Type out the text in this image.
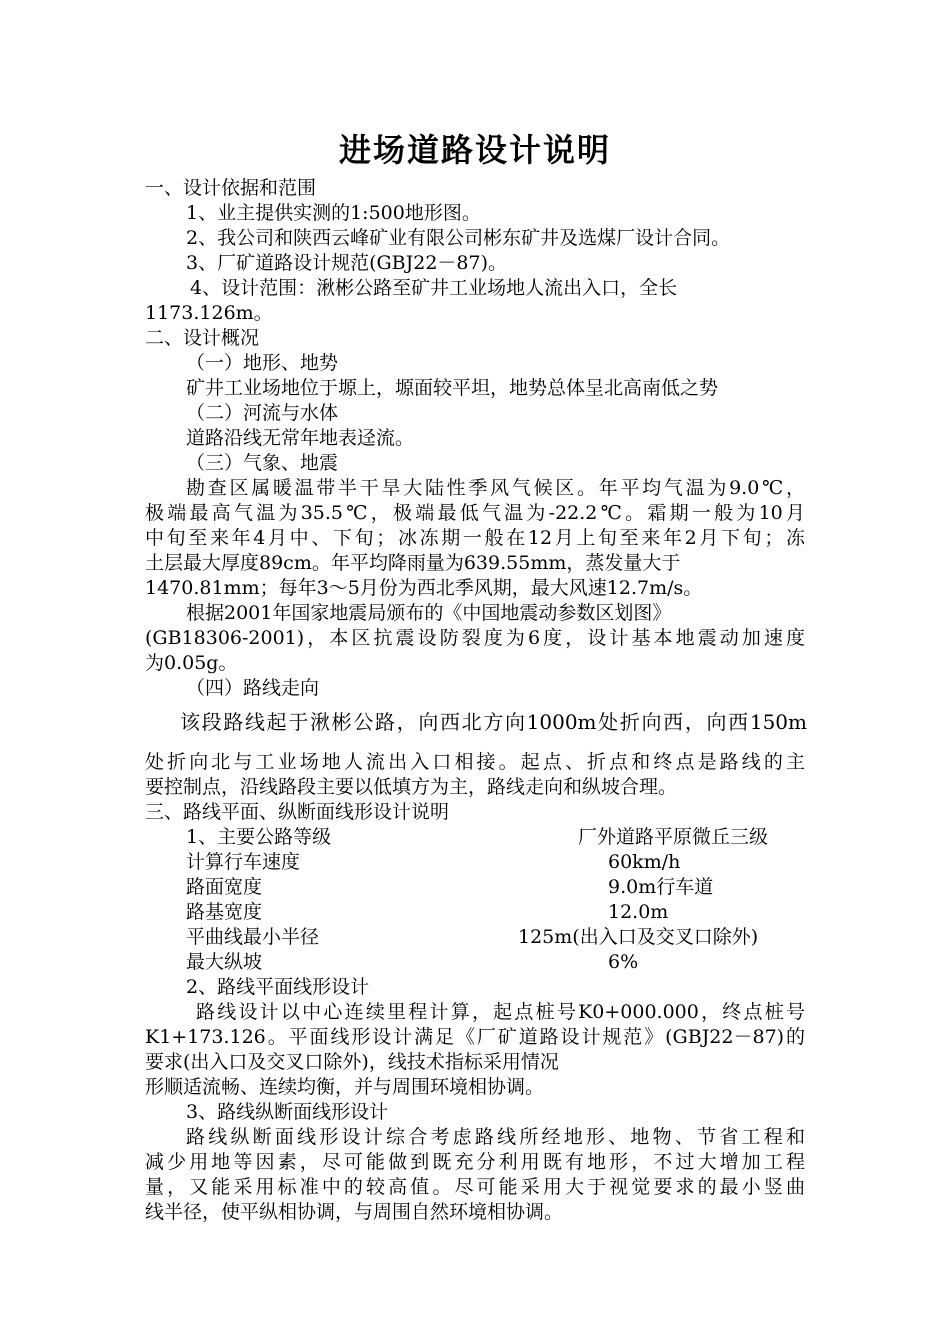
进场道路设计说明
一、设计依据和范围
1、业主提供实测的1:500地形图。
2、我公司和陕西云峰矿业有限公司彬东矿井及选煤厂设计合同。
3、厂矿道路设计规范(GBJ22－87)。
4、设计范围：湫彬公路至矿井工业场地人流出入口，全长
1173.126m。
二、设计概况
（一）地形、地势
矿井工业场地位于塬上，塬面较平坦，地势总体呈北高南低之势
（二）河流与水体
道路沿线无常年地表迳流。
（三）气象、地震
勘查区属暖温带半干旱大陆性季风气候区。年平均气温为9.0℃，
极端最高气温为35.5℃，极端最低气温为-22.2℃。霜期一般为10月
中旬至来年4月中、下旬；冰冻期一般在12月上旬至来年2月下旬；冻
土层最大厚度89cm。年平均降雨量为639.55mm，蒸发量大于
1470.81mm；每年3～5月份为西北季风期，最大风速12.7m/s。
根据2001年国家地震局颁布的《中国地震动参数区划图》
(GB18306-2001)，本区抗震设防裂度为6度，设计基本地震动加速度
为0.05g。
（四）路线走向
该段路线起于湫彬公路，向西北方向1000m处折向西，向西150m
处折向北与工业场地人流出入口相接。起点、折点和终点是路线的主
要控制点，沿线路段主要以低填方为主，路线走向和纵坡合理。
三、路线平面、纵断面线形设计说明
1、主要公路等级	厂外道路平原微丘三级
计算行车速度	60km/h
路面宽度	9.0m行车道
路基宽度	12.0m
平曲线最小半径	125m(出入口及交叉口除外)
最大纵坡	6%
2、路线平面线形设计
路线设计以中心连续里程计算，起点桩号K0+000.000，终点桩号
K1+173.126。平面线形设计满足《厂矿道路设计规范》(GBJ22－87)的
要求(出入口及交叉口除外)，线技术指标采用情况
形顺适流畅、连续均衡，并与周围环境相协调。
3、路线纵断面线形设计
路线纵断面线形设计综合考虑路线所经地形、地物、节省工程和
减少用地等因素，尽可能做到既充分利用既有地形，不过大增加工程
量，又能采用标准中的较高值。尽可能采用大于视觉要求的最小竖曲
线半径，使平纵相协调，与周围自然环境相协调。
